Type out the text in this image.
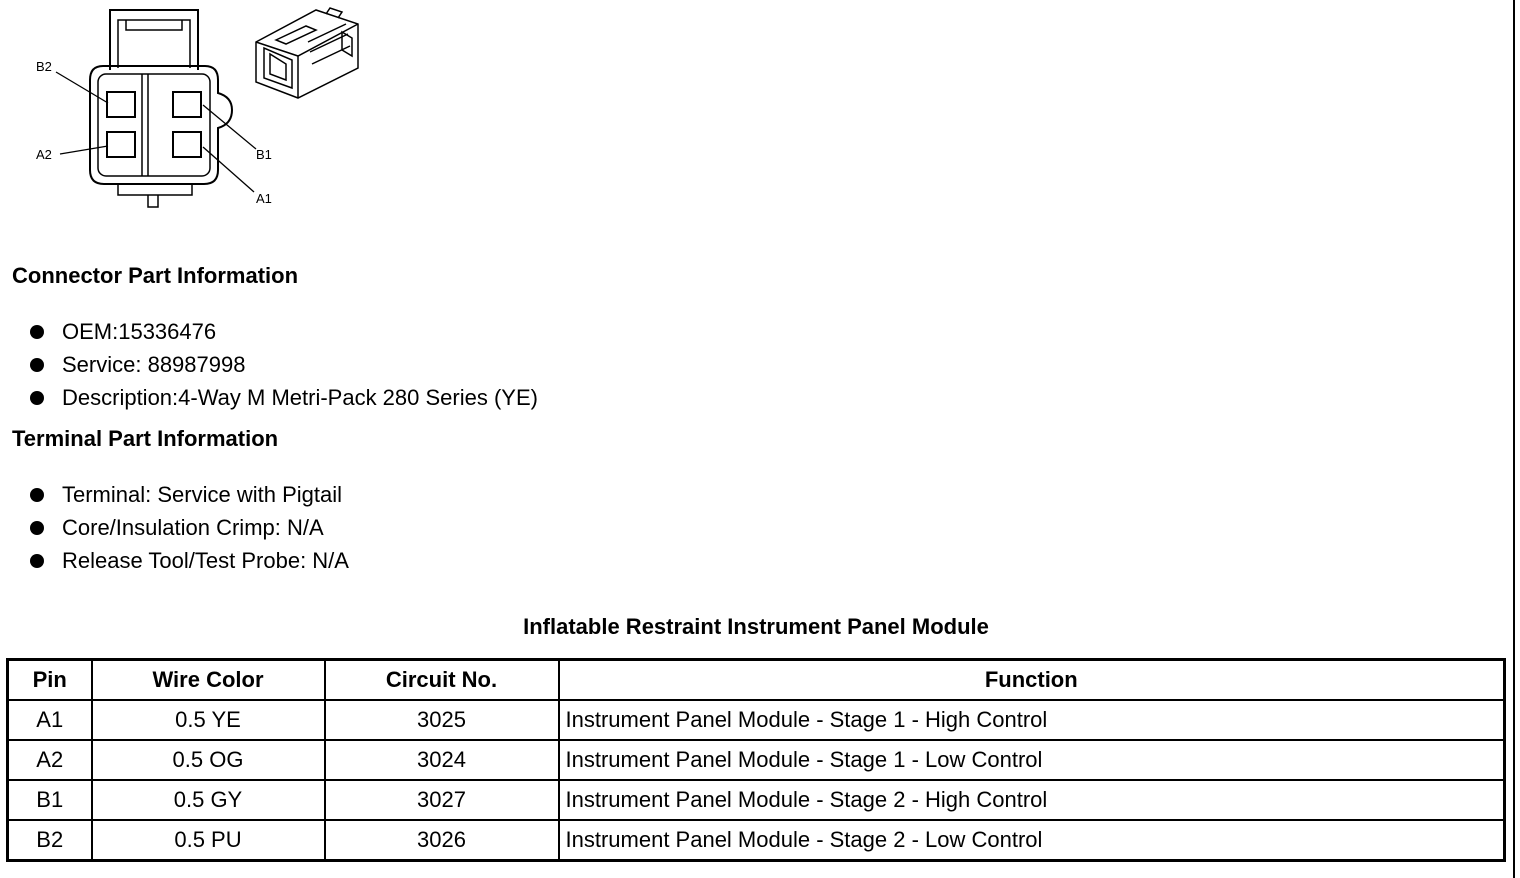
B2
A2	B1
A1
Connector Part Information
OEM:15336476
Service: 88987998
Description:4-Way M Metri-Pack 280 Series (YE)
Terminal Part Information
Terminal: Service with Pigtail
Core/Insulation Crimp: N/A
Release Tool/Test Probe: N/A
Inflatable Restraint Instrument Panel Module
Pin	Wire Color	Circuit No.	Function
A1	0.5 YE	3025	Instrument Panel Module - Stage 1 - High Control
A2	0.5 OG	3024	Instrument Panel Module - Stage 1 - Low Control
B1	0.5 GY	3027	Instrument Panel Module - Stage 2 - High Control
B2	0.5 PU	3026	Instrument Panel Module - Stage 2 - Low Control
